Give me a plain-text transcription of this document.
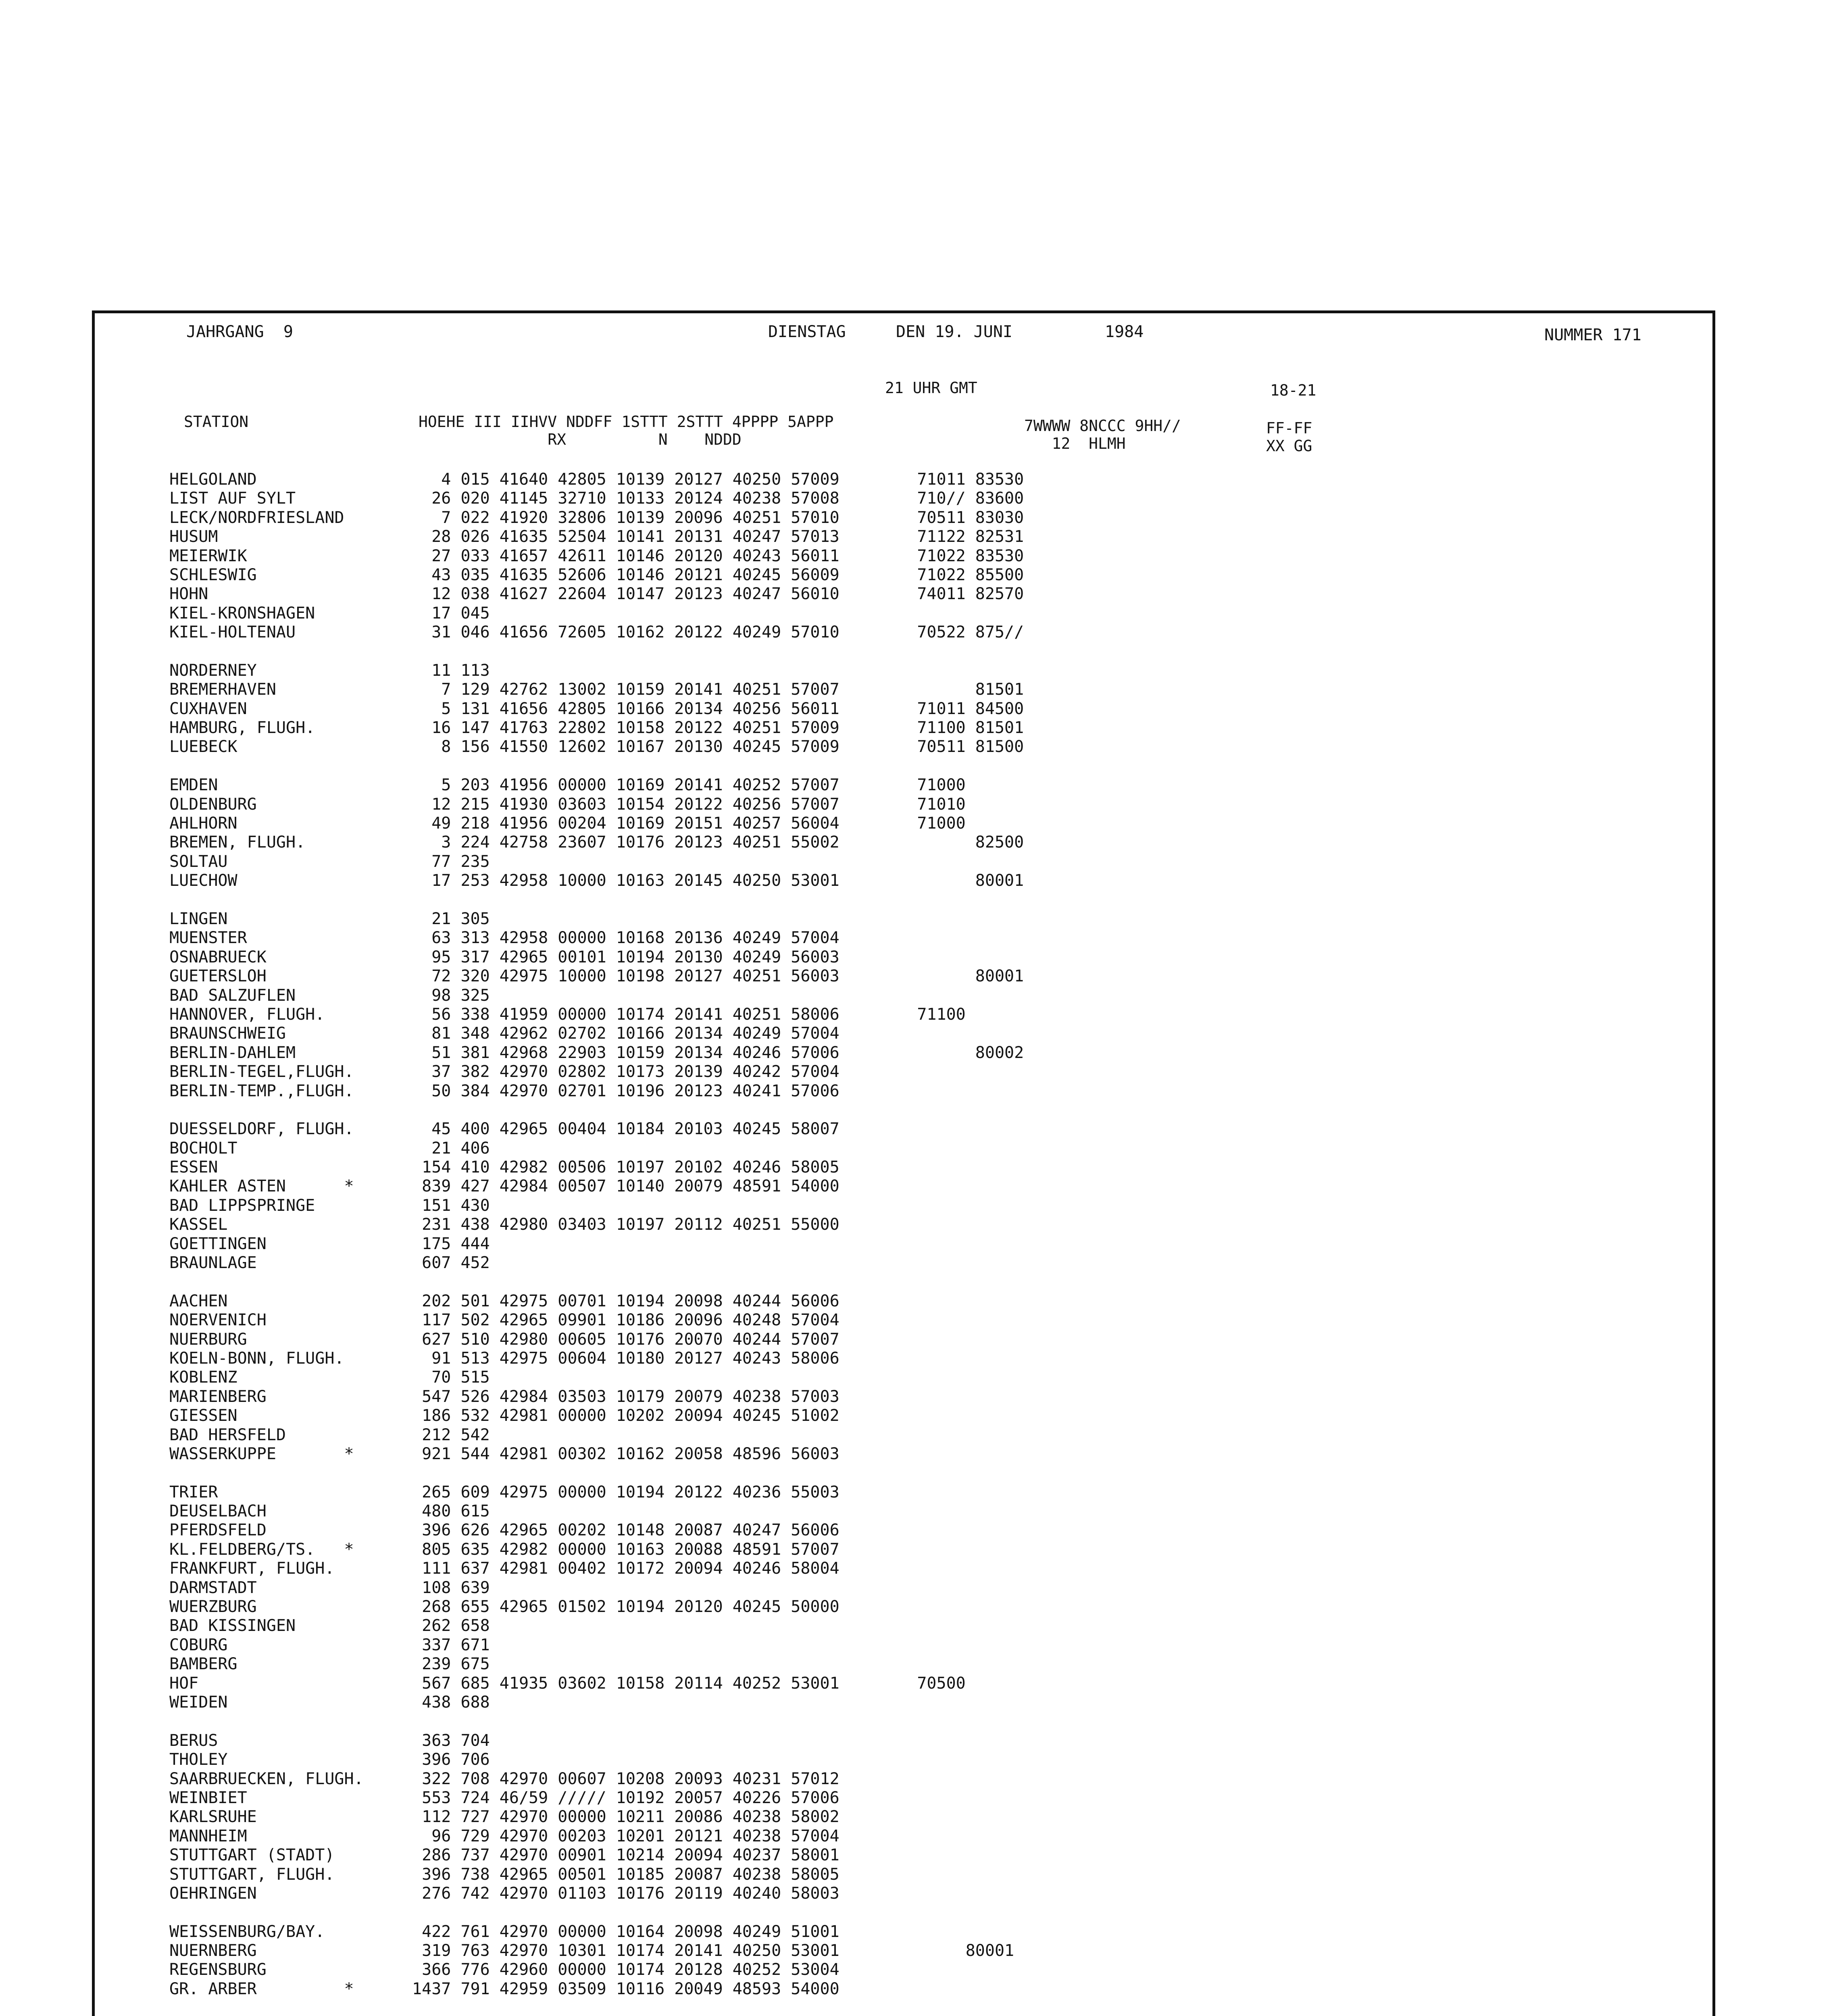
JAHRGANG  9	DIENSTAG	DEN 19. JUNI	1984	NUMMER 171
21 UHR GMT	18-21
STATION	HOEHE III IIHVV NDDFF 1STTT 2STTT 4PPPP 5APPP
RX          N    NDDD
7WWWW 8NCCC 9HH//
12  HLMH
FF-FF
XX GG
HELGOLAND                   4 015 41640 42805 10139 20127 40250 57009        71011 83530
LIST AUF SYLT              26 020 41145 32710 10133 20124 40238 57008        710// 83600
LECK/NORDFRIESLAND          7 022 41920 32806 10139 20096 40251 57010        70511 83030
HUSUM                      28 026 41635 52504 10141 20131 40247 57013        71122 82531
MEIERWIK                   27 033 41657 42611 10146 20120 40243 56011        71022 83530
SCHLESWIG                  43 035 41635 52606 10146 20121 40245 56009        71022 85500
HOHN                       12 038 41627 22604 10147 20123 40247 56010        74011 82570
KIEL-KRONSHAGEN            17 045
KIEL-HOLTENAU              31 046 41656 72605 10162 20122 40249 57010        70522 875//
NORDERNEY                  11 113
BREMERHAVEN                 7 129 42762 13002 10159 20141 40251 57007              81501
CUXHAVEN                    5 131 41656 42805 10166 20134 40256 56011        71011 84500
HAMBURG, FLUGH.            16 147 41763 22802 10158 20122 40251 57009        71100 81501
LUEBECK                     8 156 41550 12602 10167 20130 40245 57009        70511 81500
EMDEN                       5 203 41956 00000 10169 20141 40252 57007        71000
OLDENBURG                  12 215 41930 03603 10154 20122 40256 57007        71010
AHLHORN                    49 218 41956 00204 10169 20151 40257 56004        71000
BREMEN, FLUGH.              3 224 42758 23607 10176 20123 40251 55002              82500
SOLTAU                     77 235
LUECHOW                    17 253 42958 10000 10163 20145 40250 53001              80001
LINGEN                     21 305
MUENSTER                   63 313 42958 00000 10168 20136 40249 57004
OSNABRUECK                 95 317 42965 00101 10194 20130 40249 56003
GUETERSLOH                 72 320 42975 10000 10198 20127 40251 56003              80001
BAD SALZUFLEN              98 325
HANNOVER, FLUGH.           56 338 41959 00000 10174 20141 40251 58006        71100
BRAUNSCHWEIG               81 348 42962 02702 10166 20134 40249 57004
BERLIN-DAHLEM              51 381 42968 22903 10159 20134 40246 57006              80002
BERLIN-TEGEL,FLUGH.        37 382 42970 02802 10173 20139 40242 57004
BERLIN-TEMP.,FLUGH.        50 384 42970 02701 10196 20123 40241 57006
DUESSELDORF, FLUGH.        45 400 42965 00404 10184 20103 40245 58007
BOCHOLT                    21 406
ESSEN                     154 410 42982 00506 10197 20102 40246 58005
KAHLER ASTEN      *       839 427 42984 00507 10140 20079 48591 54000
BAD LIPPSPRINGE           151 430
KASSEL                    231 438 42980 03403 10197 20112 40251 55000
GOETTINGEN                175 444
BRAUNLAGE                 607 452
AACHEN                    202 501 42975 00701 10194 20098 40244 56006
NOERVENICH                117 502 42965 09901 10186 20096 40248 57004
NUERBURG                  627 510 42980 00605 10176 20070 40244 57007
KOELN-BONN, FLUGH.         91 513 42975 00604 10180 20127 40243 58006
KOBLENZ                    70 515
MARIENBERG                547 526 42984 03503 10179 20079 40238 57003
GIESSEN                   186 532 42981 00000 10202 20094 40245 51002
BAD HERSFELD              212 542
WASSERKUPPE       *       921 544 42981 00302 10162 20058 48596 56003
TRIER                     265 609 42975 00000 10194 20122 40236 55003
DEUSELBACH                480 615
PFERDSFELD                396 626 42965 00202 10148 20087 40247 56006
KL.FELDBERG/TS.   *       805 635 42982 00000 10163 20088 48591 57007
FRANKFURT, FLUGH.         111 637 42981 00402 10172 20094 40246 58004
DARMSTADT                 108 639
WUERZBURG                 268 655 42965 01502 10194 20120 40245 50000
BAD KISSINGEN             262 658
COBURG                    337 671
BAMBERG                   239 675
HOF                       567 685 41935 03602 10158 20114 40252 53001        70500
WEIDEN                    438 688
BERUS                     363 704
THOLEY                    396 706
SAARBRUECKEN, FLUGH.      322 708 42970 00607 10208 20093 40231 57012
WEINBIET                  553 724 46/59 ///// 10192 20057 40226 57006
KARLSRUHE                 112 727 42970 00000 10211 20086 40238 58002
MANNHEIM                   96 729 42970 00203 10201 20121 40238 57004
STUTTGART (STADT)         286 737 42970 00901 10214 20094 40237 58001
STUTTGART, FLUGH.         396 738 42965 00501 10185 20087 40238 58005
OEHRINGEN                 276 742 42970 01103 10176 20119 40240 58003
WEISSENBURG/BAY.          422 761 42970 00000 10164 20098 40249 51001
NUERNBERG                 319 763 42970 10301 10174 20141 40250 53001             80001
REGENSBURG                366 776 42960 00000 10174 20128 40252 53004
GR. ARBER         *      1437 791 42959 03509 10116 20049 48593 54000
